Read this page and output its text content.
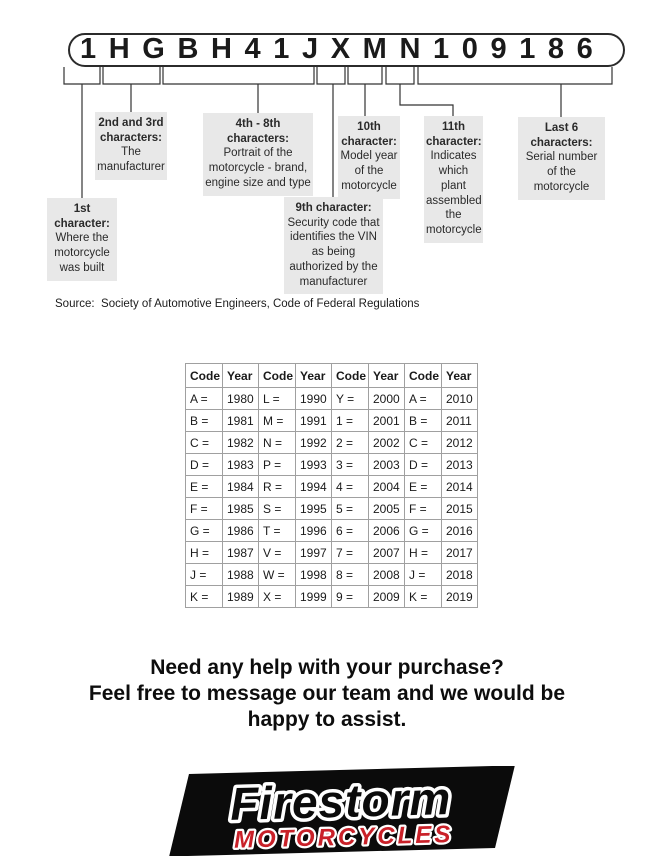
1 H G B H 4 1 J X M N 1 0 9 1 8 6
1st character:
Where the motorcycle was built
2nd and 3rd characters:
The manufacturer
4th - 8th characters:
Portrait of the motorcycle - brand, engine size and type
9th character:
Security code that identifies the VIN as being authorized by the manufacturer
10th character:
Model year of the motorcycle
11th character:
Indicates which plant assembled the motorcycle
Last 6 characters:
Serial number of the motorcycle
Source:  Society of Automotive Engineers, Code of Federal Regulations
Code	Year	Code	Year	Code	Year	Code	Year
A =	1980	L =	1990	Y =	2000	A =	2010
B =	1981	M =	1991	1 =	2001	B =	2011
C =	1982	N =	1992	2 =	2002	C =	2012
D =	1983	P =	1993	3 =	2003	D =	2013
E =	1984	R =	1994	4 =	2004	E =	2014
F =	1985	S =	1995	5 =	2005	F =	2015
G =	1986	T =	1996	6 =	2006	G =	2016
H =	1987	V =	1997	7 =	2007	H =	2017
J =	1988	W =	1998	8 =	2008	J =	2018
K =	1989	X =	1999	9 =	2009	K =	2019
Need any help with your purchase?
Feel free to message our team and we would be
happy to assist.
Firestorm
MOTORCYCLES
